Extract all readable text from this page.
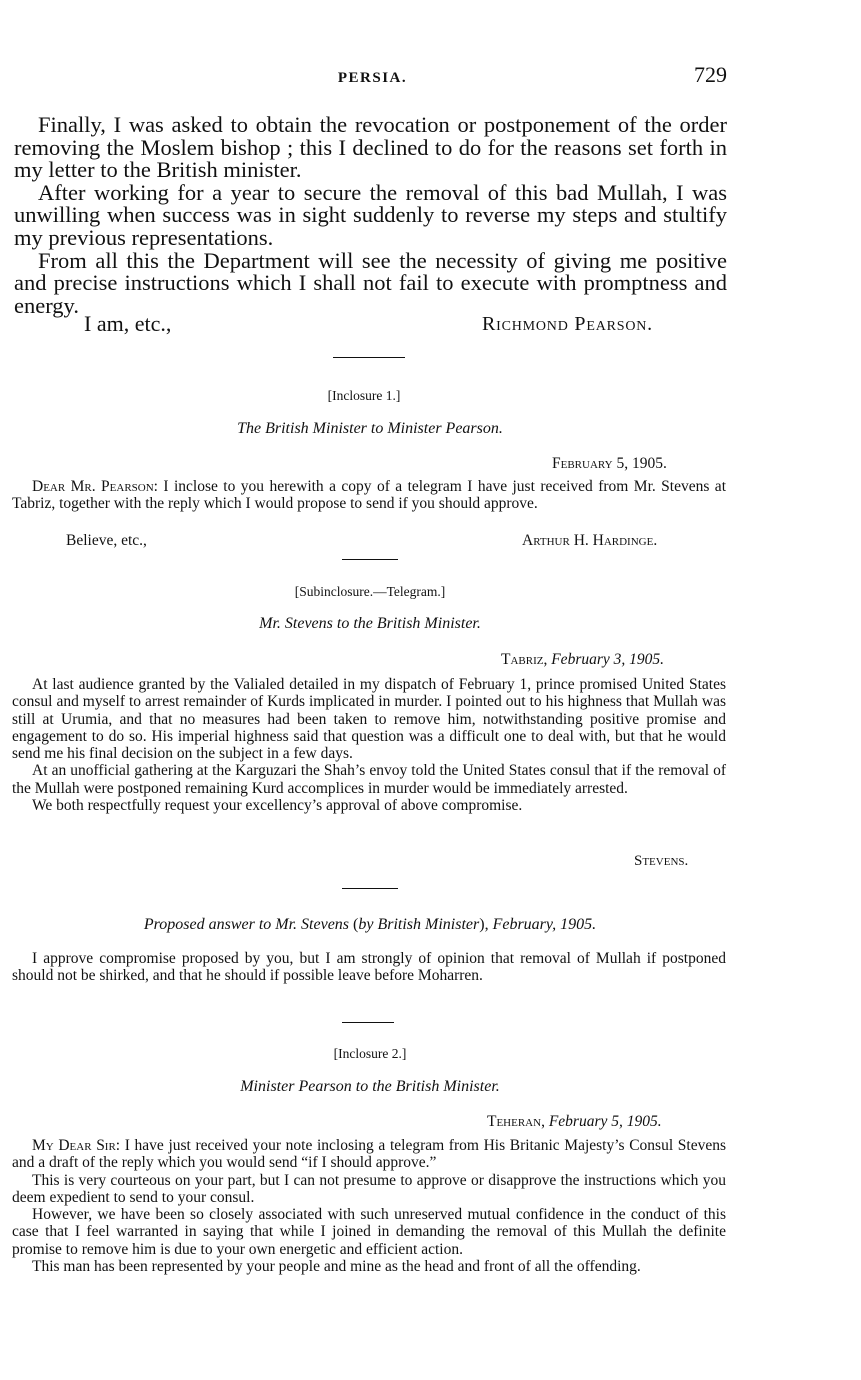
PERSIA.	729

Finally, I was asked to obtain the revocation or postponement of the order removing the Moslem bishop ; this I declined to do for the reasons set forth in my letter to the British minister.

After working for a year to secure the removal of this bad Mullah, I was unwilling when success was in sight suddenly to reverse my steps and stultify my previous representations.

From all this the Department will see the necessity of giving me positive and precise instructions which I shall not fail to execute with promptness and energy.

I am, etc.,	Richmond Pearson.
[Inclosure 1.]
The British Minister to Minister Pearson.
February 5, 1905.

Dear Mr. Pearson: I inclose to you herewith a copy of a telegram I have just received from Mr. Stevens at Tabriz, together with the reply which I would propose to send if you should approve.

Believe, etc.,	Arthur H. Hardinge.
[Subinclosure.—Telegram.]
Mr. Stevens to the British Minister.
Tabriz, February 3, 1905.

At last audience granted by the Valialed detailed in my dispatch of February 1, prince promised United States consul and myself to arrest remainder of Kurds implicated in murder. I pointed out to his highness that Mullah was still at Urumia, and that no measures had been taken to remove him, notwithstanding positive promise and engagement to do so. His imperial highness said that question was a difficult one to deal with, but that he would send me his final decision on the subject in a few days.

At an unofficial gathering at the Karguzari the Shah’s envoy told the United States consul that if the removal of the Mullah were postponed remaining Kurd accomplices in murder would be immediately arrested.

We both respectfully request your excellency’s approval of above compromise.

Stevens.
Proposed answer to Mr. Stevens (by British Minister), February, 1905.

I approve compromise proposed by you, but I am strongly of opinion that removal of Mullah if postponed should not be shirked, and that he should if possible leave before Moharren.

[Inclosure 2.]
Minister Pearson to the British Minister.
Teheran, February 5, 1905.

My Dear Sir: I have just received your note inclosing a telegram from His Britanic Majesty’s Consul Stevens and a draft of the reply which you would send “if I should approve.”

This is very courteous on your part, but I can not presume to approve or disapprove the instructions which you deem expedient to send to your consul.

However, we have been so closely associated with such unreserved mutual confidence in the conduct of this case that I feel warranted in saying that while I joined in demanding the removal of this Mullah the definite promise to remove him is due to your own energetic and efficient action.

This man has been represented by your people and mine as the head and front of all the offending.
